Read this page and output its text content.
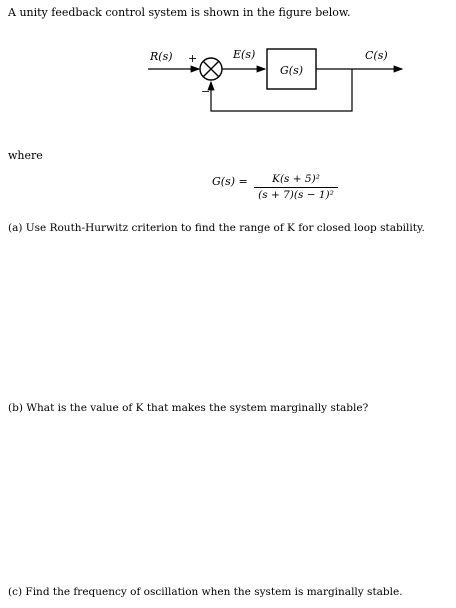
A unity feedback control system is shown in the figure below.
R(s) +
−
E(s)
G(s)
C(s)
where
$G(s) = \frac{\text{K(s + 5)²}}{\text{(s + 7)(s − 1)²}}$
(a) Use Routh-Hurwitz criterion to find the range of K for closed loop stability.
(b) What is the value of K that makes the system marginally stable?
(c) Find the frequency of oscillation when the system is marginally stable.
